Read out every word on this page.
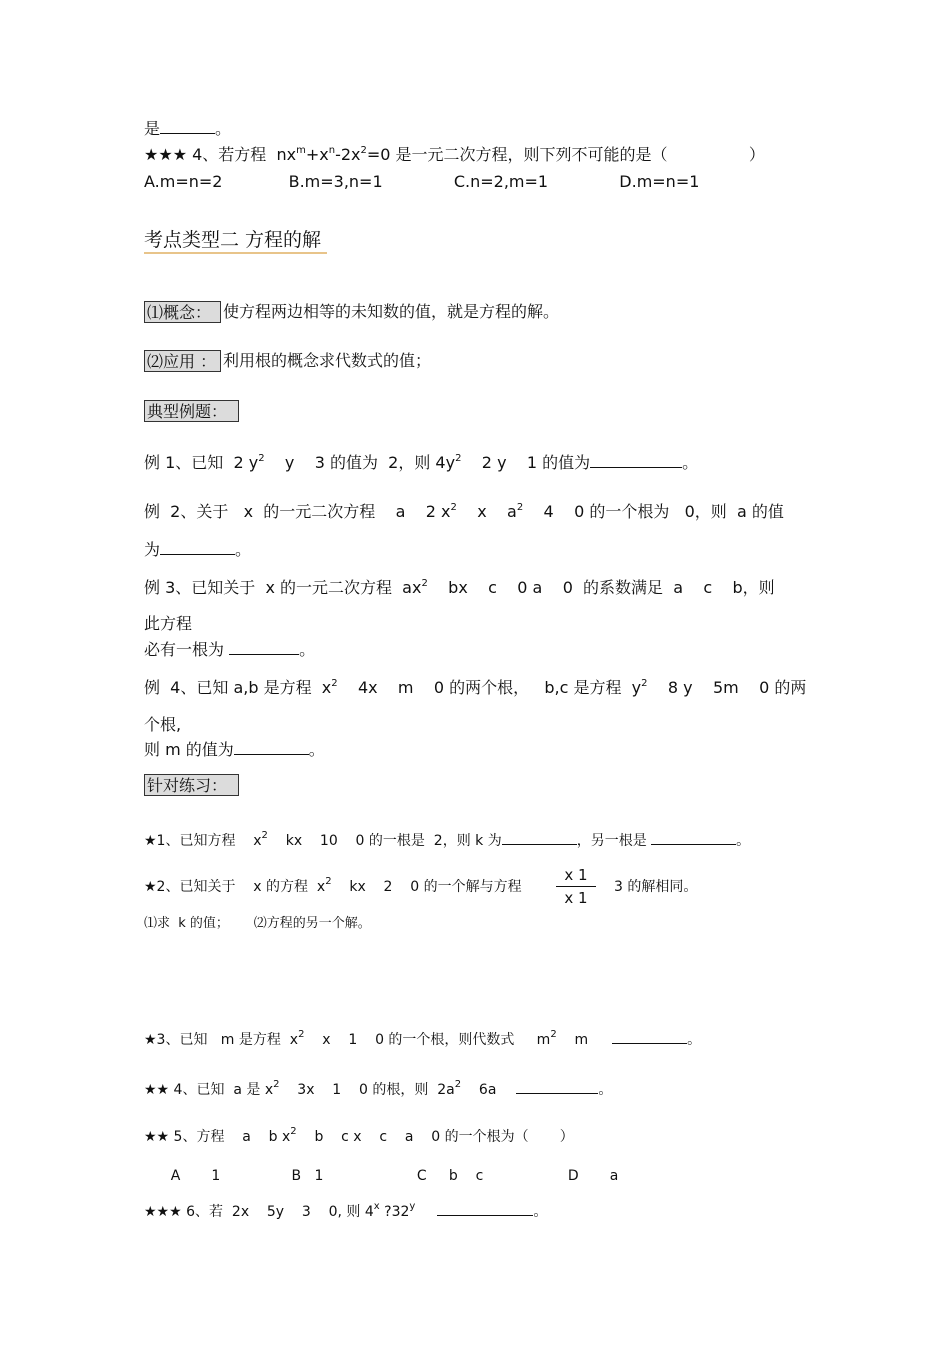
是	。
★★★ 4、若方程  $nx^m+x^n-2x^2=0$ 是一元二次方程，则下列不可能的是（                ）
A.m=n=2             B.m=3,n=1              C.n=2,m=1              D.m=n=1
考点类型二 方程的解
⑴概念： 使方程两边相等的未知数的值，就是方程的解。
⑵应用 ： 利用根的概念求代数式的值；
典型例题：
例 1、已知  2 $y^2$    y    3 的值为  2，则 $4y^2$    2 y    1 的值为	。
例  2、关于   x  的一元二次方程    a    2 $x^2$    x    $a^2$    4    0 的一个根为   0，则  a 的值
为	。
例 3、已知关于  x 的一元二次方程  $ax^2$    bx    c    0 a    0  的系数满足  a    c    b，则
此方程
必有一根为	。
例  4、已知 a,b 是方程  $x^2$    4x    m    0 的两个根，   b,c 是方程  $y^2$    8 y    5m    0 的两
个根,
则 m 的值为	。
针对练习：
★1、已知方程    $x^2$    kx    10    0 的一根是  2，则 k 为	，另一根是	。
★2、已知关于    x 的方程  $x^2$    kx    2    0 的一个解与方程
x 1
x 1
3 的解相同。
⑴求  k 的值；      ⑵方程的另一个解。
★3、已知   m 是方程  $x^2$    x    1    0 的一个根，则代数式     $m^2$    m	。
★★ 4、已知  a 是 $x^2$    3x    1    0 的根，则  $2a^2$    6a	。
★★ 5、方程    a    b $x^2$    b    c x    c    a    0 的一个根为（       ）
A       1                B   1                     C     b    c                   D       a
★★★ 6、若  2x    5y    3    0, 则 4$^x$ ?32$^y$	。
